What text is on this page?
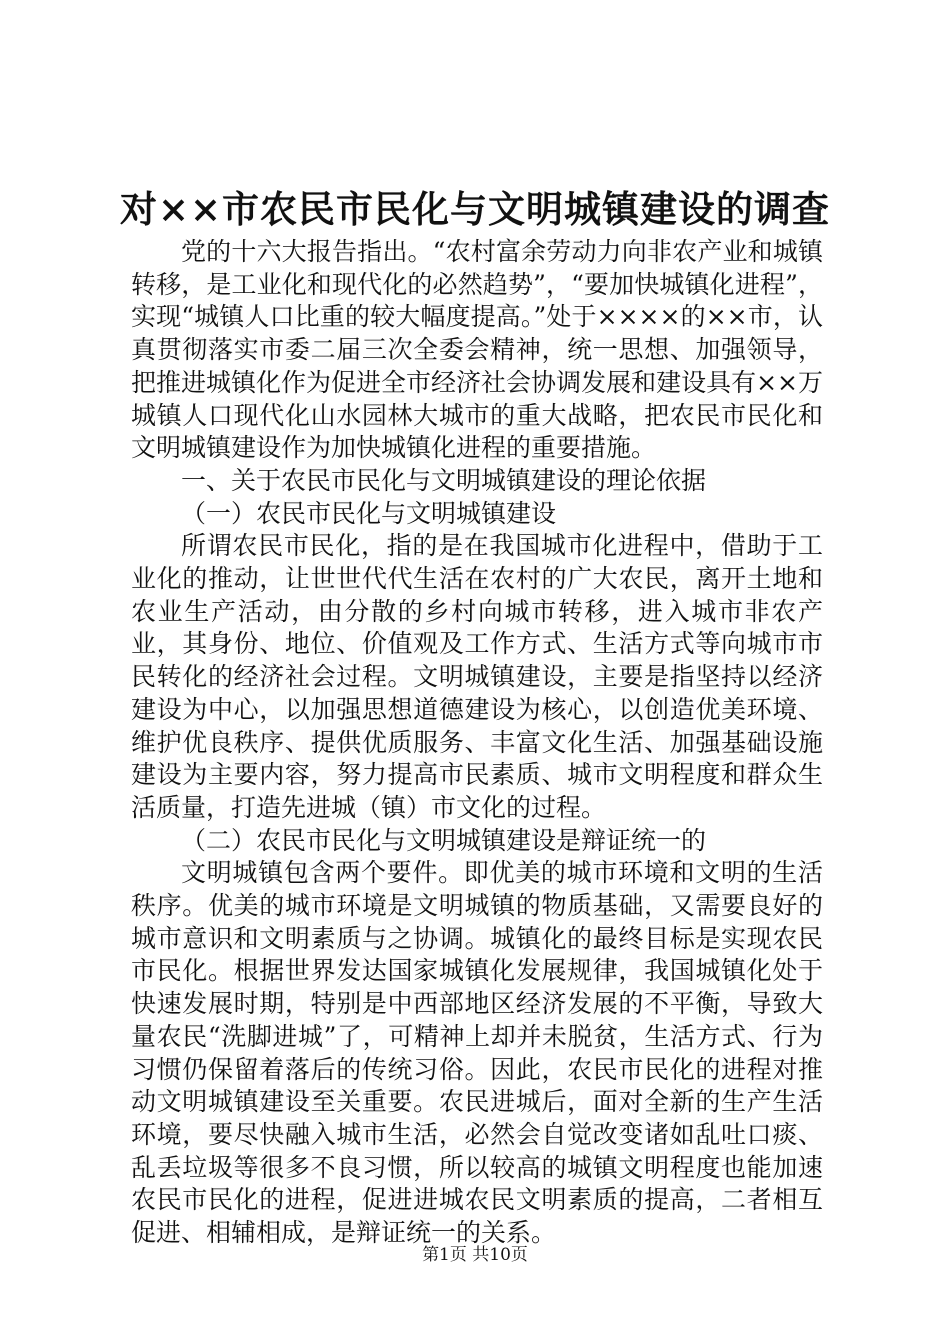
对××市农民市民化与文明城镇建设的调查

党的十六大报告指出。“农村富余劳动力向非农产业和城镇转移，是工业化和现代化的必然趋势”，“要加快城镇化进程”，实现“城镇人口比重的较大幅度提高。”处于××××的××市，认真贯彻落实市委二届三次全委会精神，统一思想、加强领导，把推进城镇化作为促进全市经济社会协调发展和建设具有××万城镇人口现代化山水园林大城市的重大战略，把农民市民化和文明城镇建设作为加快城镇化进程的重要措施。

一、关于农民市民化与文明城镇建设的理论依据

（一）农民市民化与文明城镇建设

所谓农民市民化，指的是在我国城市化进程中，借助于工业化的推动，让世世代代生活在农村的广大农民，离开土地和农业生产活动，由分散的乡村向城市转移，进入城市非农产业，其身份、地位、价值观及工作方式、生活方式等向城市市民转化的经济社会过程。文明城镇建设，主要是指坚持以经济建设为中心，以加强思想道德建设为核心，以创造优美环境、维护优良秩序、提供优质服务、丰富文化生活、加强基础设施建设为主要内容，努力提高市民素质、城市文明程度和群众生活质量，打造先进城（镇）市文化的过程。

（二）农民市民化与文明城镇建设是辩证统一的

文明城镇包含两个要件。即优美的城市环境和文明的生活秩序。优美的城市环境是文明城镇的物质基础，又需要良好的城市意识和文明素质与之协调。城镇化的最终目标是实现农民市民化。根据世界发达国家城镇化发展规律，我国城镇化处于快速发展时期，特别是中西部地区经济发展的不平衡，导致大量农民“洗脚进城”了，可精神上却并未脱贫，生活方式、行为习惯仍保留着落后的传统习俗。因此，农民市民化的进程对推动文明城镇建设至关重要。农民进城后，面对全新的生产生活环境，要尽快融入城市生活，必然会自觉改变诸如乱吐口痰、乱丢垃圾等很多不良习惯，所以较高的城镇文明程度也能加速农民市民化的进程，促进进城农民文明素质的提高，二者相互促进、相辅相成，是辩证统一的关系。

第1页 共10页
